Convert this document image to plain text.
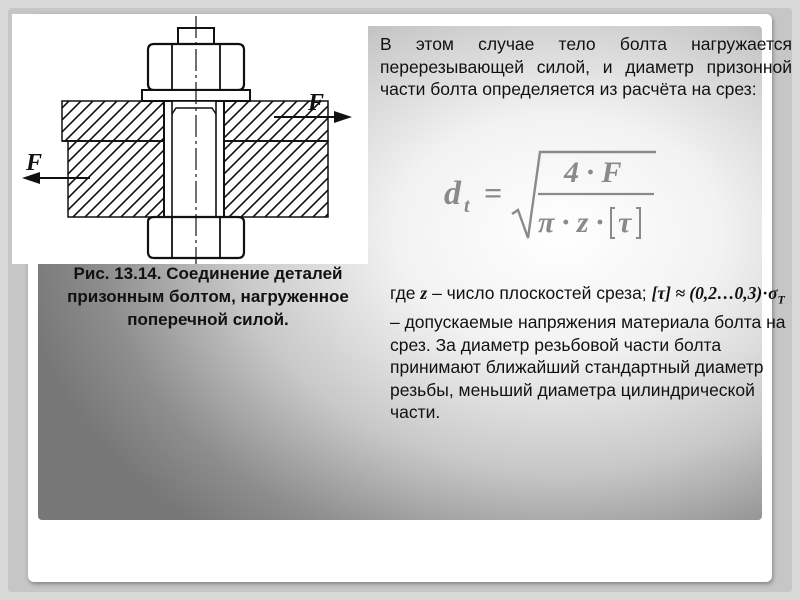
F
F
Рис. 13.14. Соединение деталей призонным болтом, нагруженное поперечной силой.
В этом случае тело болта нагружается перерезывающей силой, и диаметр призонной части болта определяется из расчёта на срез:
d t =
4 · F
π · z · τ
где z – число плоскостей среза; $[\tau] \approx (0,2\dots 0,3)\cdot\sigma_T$ – допускаемые напряжения материала болта на срез. За диаметр резьбовой части болта принимают ближайший стандартный диаметр резьбы, меньший диаметра цилиндрической части.
